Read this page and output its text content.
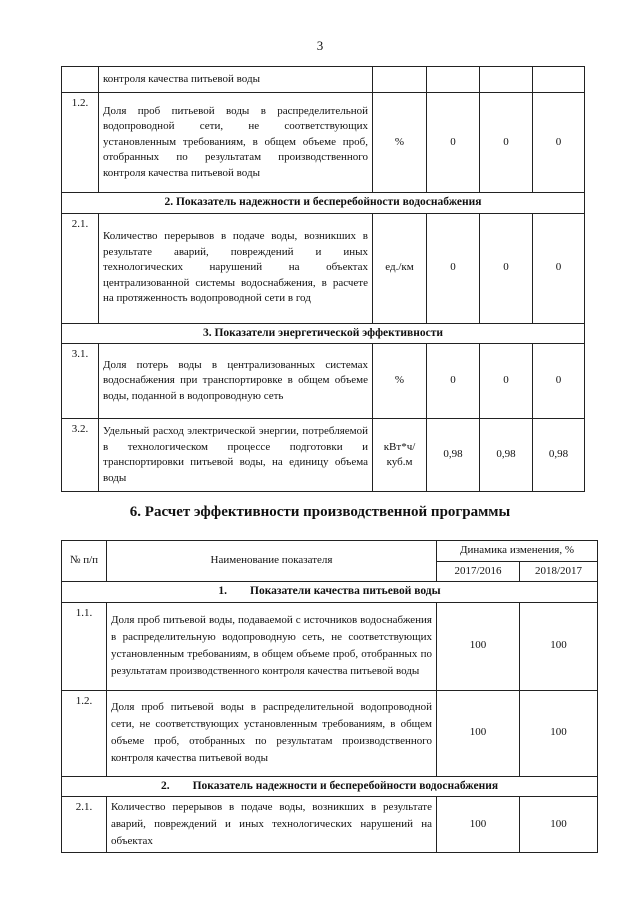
3
	контроля качества питьевой воды				
1.2.	Доля проб питьевой воды в распределительной водопроводной сети, не соответствующих установленным требованиям, в общем объеме проб, отобранных по результатам производственного контроля качества питьевой воды	%	0	0	0
2. Показатель надежности и бесперебойности водоснабжения					
2.1.	Количество перерывов в подаче воды, возникших в результате аварий, повреждений и иных технологических нарушений на объектах централизованной системы водоснабжения, в расчете на протяженность водопроводной сети в год	ед./км	0	0	0
3. Показатели энергетической эффективности					
3.1.	Доля потерь воды в централизованных системах водоснабжения при транспортировке в общем объеме воды, поданной в водопроводную сеть	%	0	0	0
3.2.	Удельный расход электрической энергии, потребляемой в технологическом процессе подготовки и транспортировки питьевой воды, на единицу объема воды	кВт*ч/ куб.м	0,98	0,98	0,98
6. Расчет эффективности производственной программы
№ п/п	Наименование показателя	Динамика изменения, %	
		2017/2016	2018/2017
1.        Показатели качества питьевой воды			
1.1.	Доля проб питьевой воды, подаваемой с источников водоснабжения в распределительную водопроводную сеть, не соответствующих установленным требованиям, в общем объеме проб, отобранных по результатам производственного контроля качества питьевой воды	100	100
1.2.	Доля проб питьевой воды в распределительной водопроводной сети, не соответствующих установленным требованиям, в общем объеме проб, отобранных по результатам производственного контроля качества питьевой воды	100	100
2.        Показатель надежности и бесперебойности водоснабжения			
2.1.	Количество перерывов в подаче воды, возникших в результате аварий, повреждений и иных технологических нарушений на объектах	100	100
